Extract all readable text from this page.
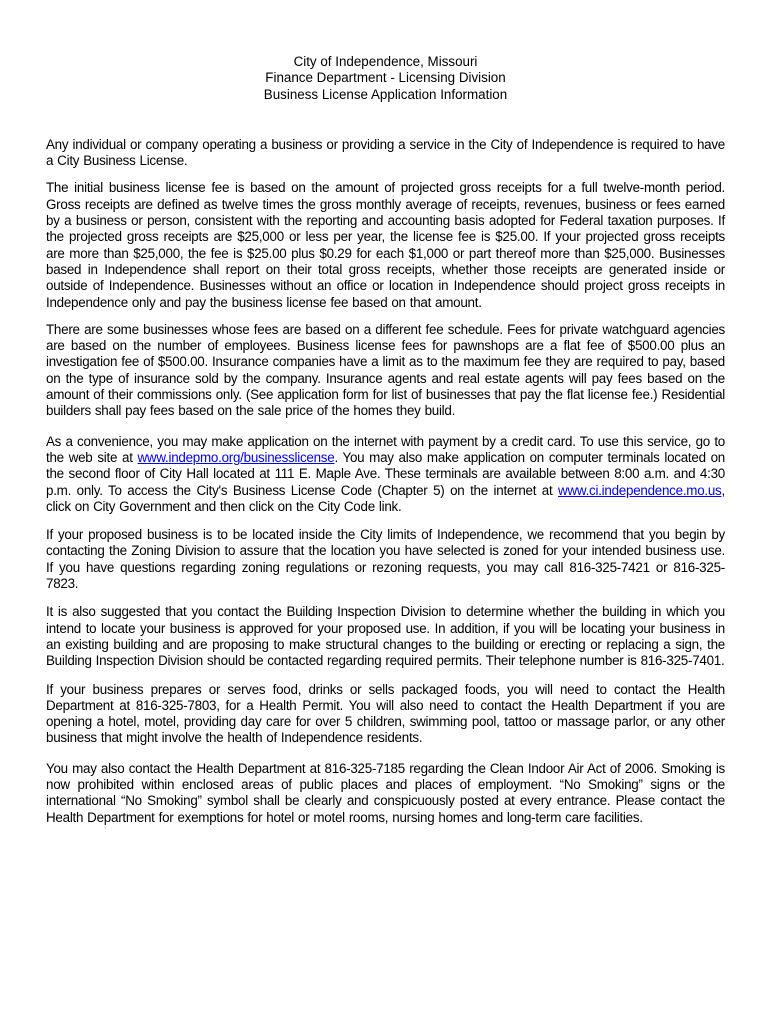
City of Independence, Missouri
Finance Department - Licensing Division
Business License Application Information

Any individual or company operating a business or providing a service in the City of Independence is required to have a City Business License.

The initial business license fee is based on the amount of projected gross receipts for a full twelve-month period. Gross receipts are defined as twelve times the gross monthly average of receipts, revenues, business or fees earned by a business or person, consistent with the reporting and accounting basis adopted for Federal taxation purposes. If the projected gross receipts are $25,000 or less per year, the license fee is $25.00. If your projected gross receipts are more than $25,000, the fee is $25.00 plus $0.29 for each $1,000 or part thereof more than $25,000. Businesses based in Independence shall report on their total gross receipts, whether those receipts are generated inside or outside of Independence. Businesses without an office or location in Independence should project gross receipts in Independence only and pay the business license fee based on that amount.

There are some businesses whose fees are based on a different fee schedule. Fees for private watchguard agencies are based on the number of employees. Business license fees for pawnshops are a flat fee of $500.00 plus an investigation fee of $500.00. Insurance companies have a limit as to the maximum fee they are required to pay, based on the type of insurance sold by the company. Insurance agents and real estate agents will pay fees based on the amount of their commissions only. (See application form for list of businesses that pay the flat license fee.) Residential builders shall pay fees based on the sale price of the homes they build.

As a convenience, you may make application on the internet with payment by a credit card. To use this service, go to the web site at www.indepmo.org/businesslicense. You may also make application on computer terminals located on the second floor of City Hall located at 111 E. Maple Ave. These terminals are available between 8:00 a.m. and 4:30 p.m. only. To access the City's Business License Code (Chapter 5) on the internet at www.ci.independence.mo.us, click on City Government and then click on the City Code link.

If your proposed business is to be located inside the City limits of Independence, we recommend that you begin by contacting the Zoning Division to assure that the location you have selected is zoned for your intended business use. If you have questions regarding zoning regulations or rezoning requests, you may call 816-325-7421 or 816-325-7823.

It is also suggested that you contact the Building Inspection Division to determine whether the building in which you intend to locate your business is approved for your proposed use. In addition, if you will be locating your business in an existing building and are proposing to make structural changes to the building or erecting or replacing a sign, the Building Inspection Division should be contacted regarding required permits. Their telephone number is 816-325-7401.

If your business prepares or serves food, drinks or sells packaged foods, you will need to contact the Health Department at 816-325-7803, for a Health Permit. You will also need to contact the Health Department if you are opening a hotel, motel, providing day care for over 5 children, swimming pool, tattoo or massage parlor, or any other business that might involve the health of Independence residents.

You may also contact the Health Department at 816-325-7185 regarding the Clean Indoor Air Act of 2006. Smoking is now prohibited within enclosed areas of public places and places of employment. “No Smoking” signs or the international “No Smoking” symbol shall be clearly and conspicuously posted at every entrance. Please contact the Health Department for exemptions for hotel or motel rooms, nursing homes and long-term care facilities.
